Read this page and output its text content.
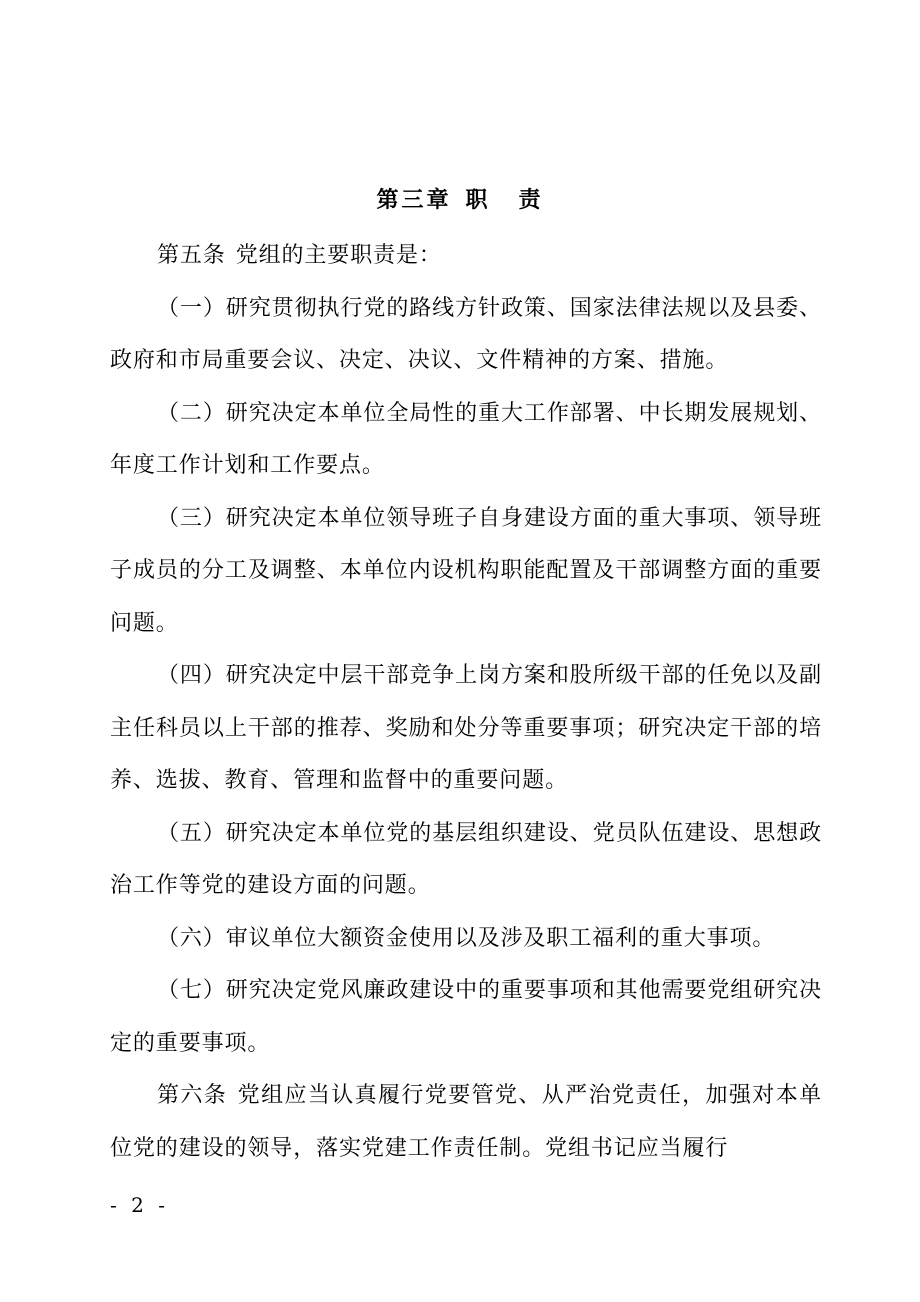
第三章 职 责

第五条 党组的主要职责是：

（一）研究贯彻执行党的路线方针政策、国家法律法规以及县委、政府和市局重要会议、决定、决议、文件精神的方案、措施。

（二）研究决定本单位全局性的重大工作部署、中长期发展规划、年度工作计划和工作要点。

（三）研究决定本单位领导班子自身建设方面的重大事项、领导班子成员的分工及调整、本单位内设机构职能配置及干部调整方面的重要问题。

（四）研究决定中层干部竞争上岗方案和股所级干部的任免以及副主任科员以上干部的推荐、奖励和处分等重要事项；研究决定干部的培养、选拔、教育、管理和监督中的重要问题。

（五）研究决定本单位党的基层组织建设、党员队伍建设、思想政治工作等党的建设方面的问题。

（六）审议单位大额资金使用以及涉及职工福利的重大事项。

（七）研究决定党风廉政建设中的重要事项和其他需要党组研究决定的重要事项。

第六条 党组应当认真履行党要管党、从严治党责任，加强对本单位党的建设的领导，落实党建工作责任制。党组书记应当履行

- 2 -
